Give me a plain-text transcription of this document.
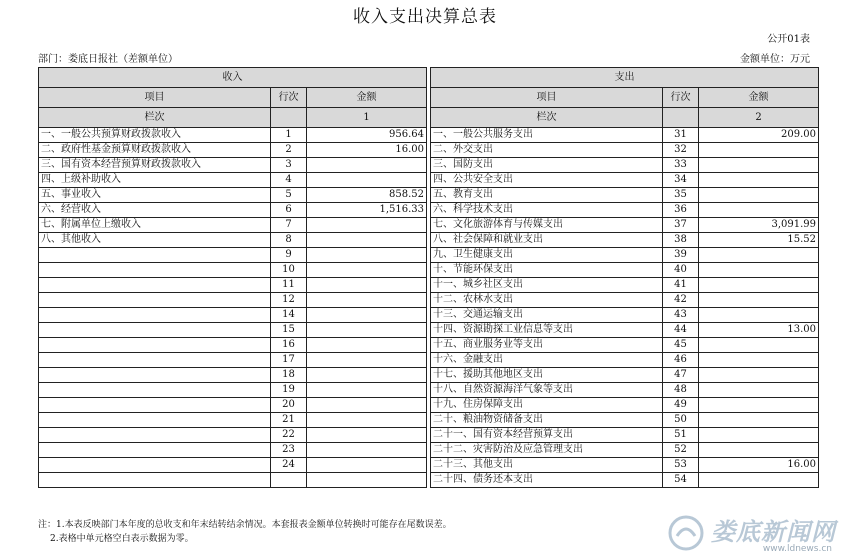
收入支出决算总表
公开01表
部门：娄底日报社（差额单位）	金额单位：万元
收入				支出		
项目	行次	金额		项目	行次	金额
栏次		1		栏次		2
一、一般公共预算财政拨款收入	1	956.64		一、一般公共服务支出	31	209.00
二、政府性基金预算财政拨款收入	2	16.00		二、外交支出	32	
三、国有资本经营预算财政拨款收入	3			三、国防支出	33	
四、上级补助收入	4			四、公共安全支出	34	
五、事业收入	5	858.52		五、教育支出	35	
六、经营收入	6	1,516.33		六、科学技术支出	36	
七、附属单位上缴收入	7			七、文化旅游体育与传媒支出	37	3,091.99
八、其他收入	8			八、社会保障和就业支出	38	15.52
	9			九、卫生健康支出	39	
	10			十、节能环保支出	40	
	11			十一、城乡社区支出	41	
	12			十二、农林水支出	42	
	14			十三、交通运输支出	43	
	15			十四、资源勘探工业信息等支出	44	13.00
	16			十五、商业服务业等支出	45	
	17			十六、金融支出	46	
	18			十七、援助其他地区支出	47	
	19			十八、自然资源海洋气象等支出	48	
	20			十九、住房保障支出	49	
	21			二十、粮油物资储备支出	50	
	22			二十一、国有资本经营预算支出	51	
	23			二十二、灾害防治及应急管理支出	52	
	24			二十三、其他支出	53	16.00
				二十四、债务还本支出	54	
注：1.本表反映部门本年度的总收支和年末结转结余情况。本套报表金额单位转换时可能存在尾数误差。
2.表格中单元格空白表示数据为零。	娄底新闻网
www.ldnews.cn
